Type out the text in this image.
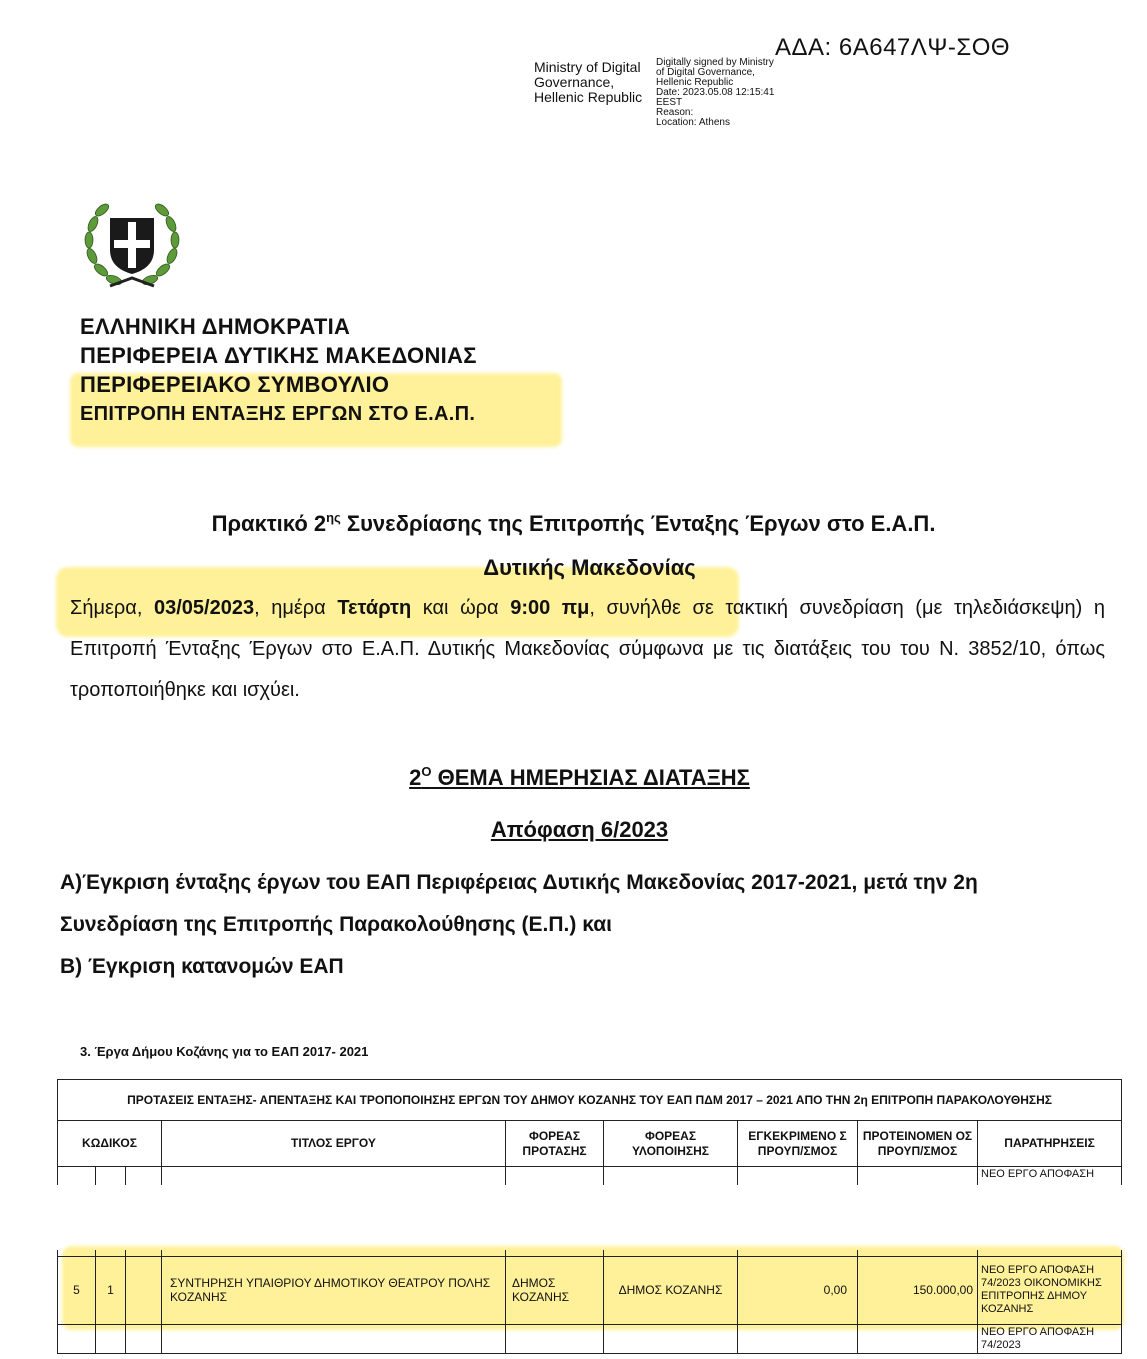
ΑΔΑ: 6Α647ΛΨ-ΣΟΘ
Ministry of Digital
Governance,
Hellenic Republic
Digitally signed by Ministry
of Digital Governance,
Hellenic Republic
Date: 2023.05.08 12:15:41
EEST
Reason:
Location: Athens
ΕΛΛΗΝΙΚΗ ΔΗΜΟΚΡΑΤΙΑ
ΠΕΡΙΦΕΡΕΙΑ ΔΥΤΙΚΗΣ ΜΑΚΕΔΟΝΙΑΣ
ΠΕΡΙΦΕΡΕΙΑΚΟ ΣΥΜΒΟΥΛΙΟ
ΕΠΙΤΡΟΠΗ ΕΝΤΑΞΗΣ ΕΡΓΩΝ ΣΤΟ Ε.Α.Π.
Πρακτικό $2^{\eta\varsigma}$ Συνεδρίασης της Επιτροπής Ένταξης Έργων στο Ε.Α.Π.
Δυτικής Μακεδονίας
Σήμερα, 03/05/2023, ημέρα Τετάρτη και ώρα 9:00 πμ, συνήλθε σε τακτική συνεδρίαση (με τηλεδιάσκεψη) η Επιτροπή Ένταξης Έργων στο Ε.Α.Π. Δυτικής Μακεδονίας σύμφωνα με τις διατάξεις του του Ν. 3852/10, όπως τροποποιήθηκε και ισχύει.
$2^O$ ΘΕΜΑ ΗΜΕΡΗΣΙΑΣ ΔΙΑΤΑΞΗΣ
Απόφαση 6/2023
Α)Έγκριση ένταξης έργων του ΕΑΠ Περιφέρειας Δυτικής Μακεδονίας 2017-2021, μετά την 2η
Συνεδρίαση της Επιτροπής Παρακολούθησης (Ε.Π.) και
Β) Έγκριση κατανομών ΕΑΠ
3. Έργα Δήμου Κοζάνης για το ΕΑΠ 2017- 2021
ΠΡΟΤΑΣΕΙΣ ΕΝΤΑΞΗΣ- ΑΠΕΝΤΑΞΗΣ ΚΑΙ ΤΡΟΠΟΠΟΙΗΣΗΣ ΕΡΓΩΝ ΤΟΥ ΔΗΜΟΥ ΚΟΖΑΝΗΣ ΤΟΥ ΕΑΠ ΠΔΜ 2017 – 2021 ΑΠΟ ΤΗΝ 2η ΕΠΙΤΡΟΠΗ ΠΑΡΑΚΟΛΟΥΘΗΣΗΣ								
ΚΩΔΙΚΟΣ			ΤΙΤΛΟΣ ΕΡΓΟΥ	ΦΟΡΕΑΣ ΠΡΟΤΑΣΗΣ	ΦΟΡΕΑΣ ΥΛΟΠΟΙΗΣΗΣ	ΕΓΚΕΚΡΙΜΕΝΟ Σ ΠΡΟΥΠ/ΣΜΟΣ	ΠΡΟΤΕΙΝΟΜΕΝ ΟΣ ΠΡΟΥΠ/ΣΜΟΣ	ΠΑΡΑΤΗΡΗΣΕΙΣ
								ΝΕΟ ΕΡΓΟ ΑΠΟΦΑΣΗ

5	1		ΣΥΝΤΗΡΗΣΗ ΥΠΑΙΘΡΙΟΥ ΔΗΜΟΤΙΚΟΥ ΘΕΑΤΡΟΥ ΠΟΛΗΣ ΚΟΖΑΝΗΣ	ΔΗΜΟΣ ΚΟΖΑΝΗΣ	ΔΗΜΟΣ ΚΟΖΑΝΗΣ	0,00	150.000,00	ΝΕΟ ΕΡΓΟ ΑΠΟΦΑΣΗ 74/2023 ΟΙΚΟΝΟΜΙΚΗΣ ΕΠΙΤΡΟΠΗΣ ΔΗΜΟΥ ΚΟΖΑΝΗΣ

								ΝΕΟ ΕΡΓΟ ΑΠΟΦΑΣΗ
74/2023
